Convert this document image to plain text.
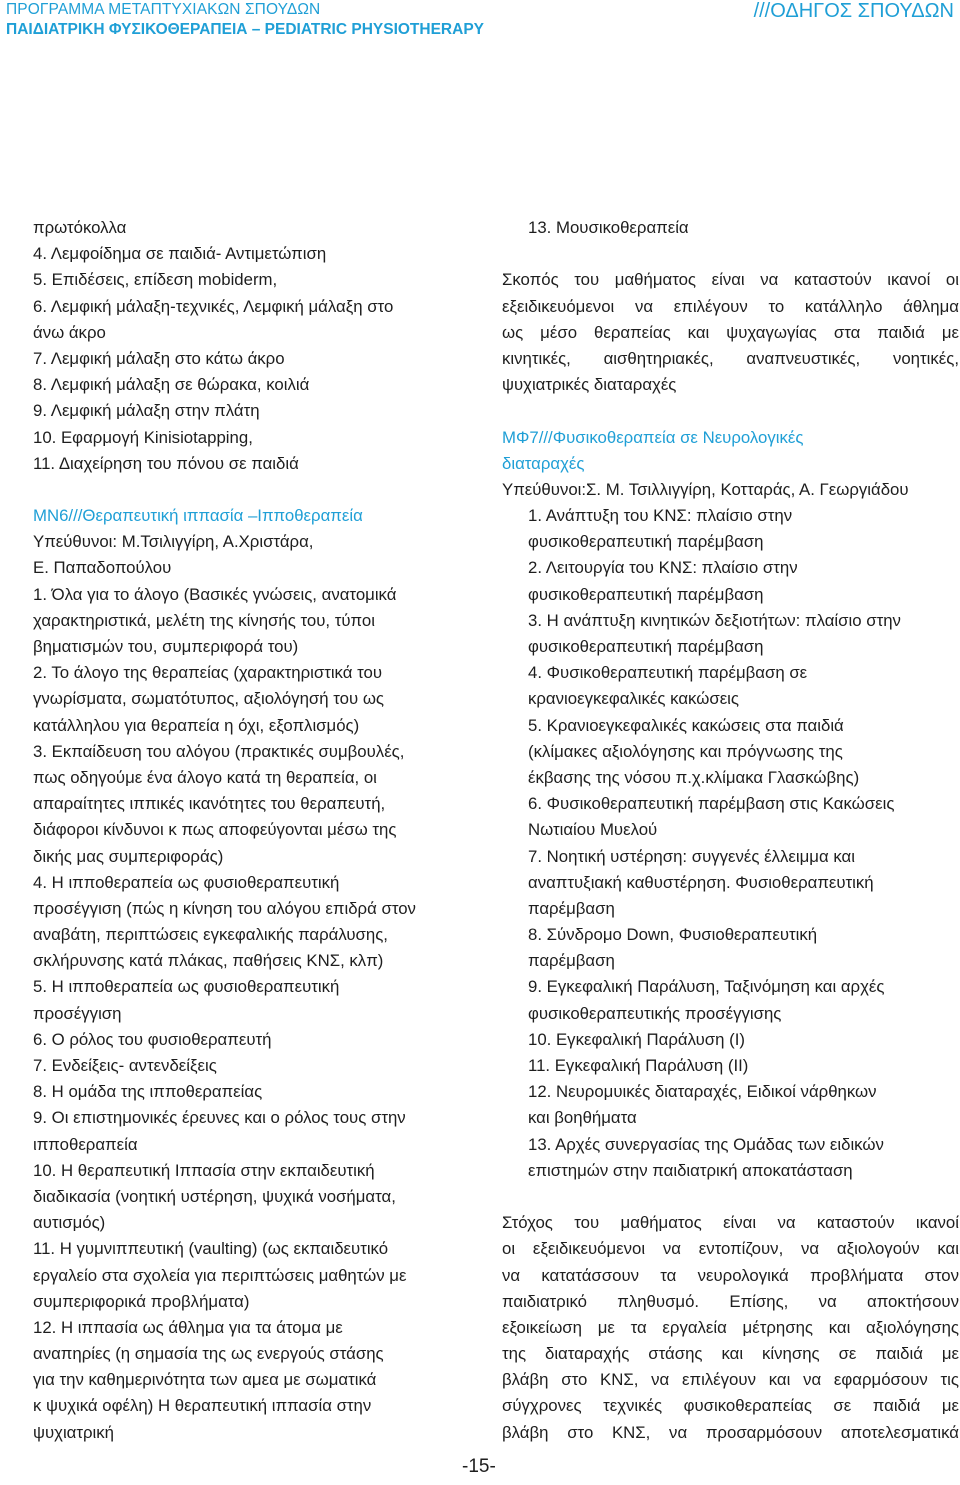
ΠΡΟΓΡΑΜΜΑ ΜΕΤΑΠΤΥΧΙΑΚΩΝ ΣΠΟΥΔΩΝ
ΠΑΙΔΙΑΤΡΙΚΗ ΦΥΣΙΚΟΘΕΡΑΠΕΙΑ – PEDIATRIC PHYSIOTHERAPY
///ΟΔΗΓΟΣ ΣΠΟΥΔΩΝ
πρωτόκολλα
4. Λεμφοίδημα σε παιδιά- Αντιμετώπιση
5. Επιδέσεις, επίδεση mobiderm,
6. Λεμφική μάλαξη-τεχνικές, Λεμφική μάλαξη στο
άνω άκρο
7. Λεμφική μάλαξη στο κάτω άκρο
8. Λεμφική μάλαξη σε θώρακα, κοιλιά
9. Λεμφική μάλαξη στην πλάτη
10. Εφαρμογή Kinisiotapping,
11. Διαχείρηση του πόνου σε παιδιά
ΜΝ6///Θεραπευτική ιππασία –Ιπποθεραπεία
Υπεύθυνοι: Μ.Τσιλιγγίρη, Α.Χριστάρα,
Ε. Παπαδοπούλου
1. Όλα για το άλογο (Βασικές γνώσεις, ανατομικά
χαρακτηριστικά, μελέτη της κίνησής του, τύποι
βηματισμών του, συμπεριφορά του)
2. Το άλογο της θεραπείας (χαρακτηριστικά του
γνωρίσματα, σωματότυπος, αξιολόγησή του ως
κατάλληλου για θεραπεία η όχι, εξοπλισμός)
3. Εκπαίδευση του αλόγου (πρακτικές συμβουλές,
πως οδηγούμε ένα άλογο κατά τη θεραπεία, οι
απαραίτητες ιππικές ικανότητες του θεραπευτή,
διάφοροι κίνδυνοι κ πως αποφεύγονται μέσω της
δικής μας συμπεριφοράς)
4. Η ιπποθεραπεία ως φυσιοθεραπευτική
προσέγγιση (πώς η κίνηση του αλόγου επιδρά στον
αναβάτη, περιπτώσεις εγκεφαλικής παράλυσης,
σκλήρυνσης κατά πλάκας, παθήσεις ΚΝΣ, κλπ)
5. Η ιπποθεραπεία ως φυσιοθεραπευτική
προσέγγιση
6. Ο ρόλος του φυσιοθεραπευτή
7. Ενδείξεις- αντενδείξεις
8. Η ομάδα της ιπποθεραπείας
9. Οι επιστημονικές έρευνες και ο ρόλος τους στην
ιπποθεραπεία
10. Η θεραπευτική Ιππασία στην εκπαιδευτική
διαδικασία (νοητική υστέρηση, ψυχικά νοσήματα,
αυτισμός)
11. Η γυμνιππευτική (vaulting) (ως εκπαιδευτικό
εργαλείο στα σχολεία για περιπτώσεις μαθητών με
συμπεριφορικά προβλήματα)
12. Η ιππασία ως άθλημα για τα άτομα με
αναπηρίες (η σημασία της ως ενεργούς στάσης
για την καθημερινότητα των αμεα με σωματικά
κ ψυχικά οφέλη) Η θεραπευτική ιππασία στην
ψυχιατρική
13. Μουσικοθεραπεία
Σκοπός του μαθήματος είναι να καταστούν ικανοί οι
εξειδικευόμενοι να επιλέγουν το κατάλληλο άθλημα
ως μέσο θεραπείας και ψυχαγωγίας στα παιδιά με
κινητικές, αισθητηριακές, αναπνευστικές, νοητικές,
ψυχιατρικές διαταραχές
ΜΦ7///Φυσικοθεραπεία σε Νευρολογικές
διαταραχές
Υπεύθυνοι:Σ. Μ. Τσιλλιγγίρη, Κοτταράς, Α. Γεωργιάδου
1. Ανάπτυξη του ΚΝΣ: πλαίσιο στην
φυσικοθεραπευτική παρέμβαση
2. Λειτουργία του ΚΝΣ: πλαίσιο στην
φυσικοθεραπευτική παρέμβαση
3. Η ανάπτυξη κινητικών δεξιοτήτων: πλαίσιο στην
φυσικοθεραπευτική παρέμβαση
4. Φυσικοθεραπευτική παρέμβαση σε
κρανιοεγκεφαλικές κακώσεις
5. Κρανιοεγκεφαλικές κακώσεις στα παιδιά
(κλίμακες αξιολόγησης και πρόγνωσης της
έκβασης της νόσου π.χ.κλίμακα Γλασκώβης)
6. Φυσικοθεραπευτική παρέμβαση στις Κακώσεις
Νωτιαίου Μυελού
7. Νοητική υστέρηση: συγγενές έλλειμμα και
αναπτυξιακή καθυστέρηση. Φυσιοθεραπευτική
παρέμβαση
8. Σύνδρομο Down, Φυσιοθεραπευτική
παρέμβαση
9. Εγκεφαλική Παράλυση, Ταξινόμηση και αρχές
φυσικοθεραπευτικής προσέγγισης
10. Εγκεφαλική Παράλυση (Ι)
11. Εγκεφαλική Παράλυση (ΙΙ)
12. Νευρομυικές διαταραχές, Ειδικοί νάρθηκων
και βοηθήματα
13. Αρχές συνεργασίας της Ομάδας των ειδικών
επιστημών στην παιδιατρική αποκατάσταση
Στόχος του μαθήματος είναι να καταστούν ικανοί
οι εξειδικευόμενοι να εντοπίζουν, να αξιολογούν και
να κατατάσσουν τα νευρολογικά προβλήματα στον
παιδιατρικό πληθυσμό. Επίσης, να αποκτήσουν
εξοικείωση με τα εργαλεία μέτρησης και αξιολόγησης
της διαταραχής στάσης και κίνησης σε παιδιά με
βλάβη στο ΚΝΣ, να επιλέγουν και να εφαρμόσουν τις
σύγχρονες τεχνικές φυσικοθεραπείας σε παιδιά με
βλάβη στο ΚΝΣ, να προσαρμόσουν αποτελεσματικά
-15-
